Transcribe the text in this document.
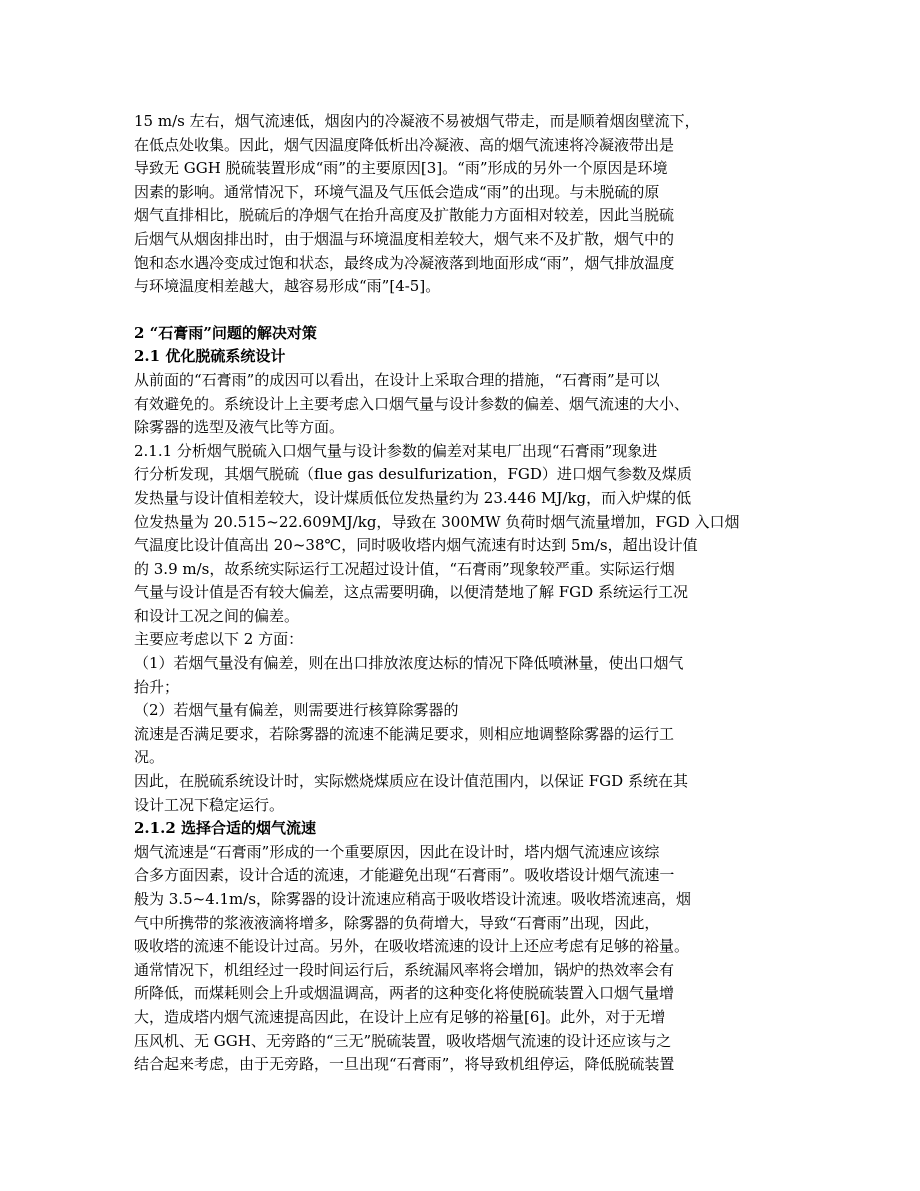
15 m/s 左右，烟气流速低，烟囱内的冷凝液不易被烟气带走，而是顺着烟囱壁流下，

在低点处收集。因此，烟气因温度降低析出冷凝液、高的烟气流速将冷凝液带出是

导致无 GGH 脱硫装置形成“雨”的主要原因[3]。“雨”形成的另外一个原因是环境

因素的影响。通常情况下，环境气温及气压低会造成“雨”的出现。与未脱硫的原

烟气直排相比，脱硫后的净烟气在抬升高度及扩散能力方面相对较差，因此当脱硫

后烟气从烟囱排出时，由于烟温与环境温度相差较大，烟气来不及扩散，烟气中的

饱和态水遇冷变成过饱和状态，最终成为冷凝液落到地面形成“雨”，烟气排放温度

与环境温度相差越大，越容易形成“雨”[4-5]。

2 “石膏雨”问题的解决对策

2.1 优化脱硫系统设计

从前面的“石膏雨”的成因可以看出，在设计上采取合理的措施，“石膏雨”是可以

有效避免的。系统设计上主要考虑入口烟气量与设计参数的偏差、烟气流速的大小、

除雾器的选型及液气比等方面。

2.1.1 分析烟气脱硫入口烟气量与设计参数的偏差对某电厂出现“石膏雨”现象进

行分析发现，其烟气脱硫（flue gas desulfurization，FGD）进口烟气参数及煤质

发热量与设计值相差较大，设计煤质低位发热量约为 23.446 MJ/kg，而入炉煤的低

位发热量为 20.515~22.609MJ/kg，导致在 300MW 负荷时烟气流量增加，FGD 入口烟

气温度比设计值高出 20~38℃，同时吸收塔内烟气流速有时达到 5m/s，超出设计值

的 3.9 m/s，故系统实际运行工况超过设计值，“石膏雨”现象较严重。实际运行烟

气量与设计值是否有较大偏差，这点需要明确，以便清楚地了解 FGD 系统运行工况

和设计工况之间的偏差。

主要应考虑以下 2 方面：

（1）若烟气量没有偏差，则在出口排放浓度达标的情况下降低喷淋量，使出口烟气

抬升；

（2）若烟气量有偏差，则需要进行核算除雾器的

流速是否满足要求，若除雾器的流速不能满足要求，则相应地调整除雾器的运行工

况。

因此，在脱硫系统设计时，实际燃烧煤质应在设计值范围内，以保证 FGD 系统在其

设计工况下稳定运行。

2.1.2 选择合适的烟气流速

烟气流速是“石膏雨”形成的一个重要原因，因此在设计时，塔内烟气流速应该综

合多方面因素，设计合适的流速，才能避免出现“石膏雨”。吸收塔设计烟气流速一

般为 3.5~4.1m/s，除雾器的设计流速应稍高于吸收塔设计流速。吸收塔流速高，烟

气中所携带的浆液液滴将增多，除雾器的负荷增大，导致“石膏雨”出现，因此，

吸收塔的流速不能设计过高。另外，在吸收塔流速的设计上还应考虑有足够的裕量。

通常情况下，机组经过一段时间运行后，系统漏风率将会增加，锅炉的热效率会有

所降低，而煤耗则会上升或烟温调高，两者的这种变化将使脱硫装置入口烟气量增

大，造成塔内烟气流速提高因此，在设计上应有足够的裕量[6]。此外，对于无增

压风机、无 GGH、无旁路的“三无”脱硫装置，吸收塔烟气流速的设计还应该与之

结合起来考虑，由于无旁路，一旦出现“石膏雨”，将导致机组停运，降低脱硫装置
